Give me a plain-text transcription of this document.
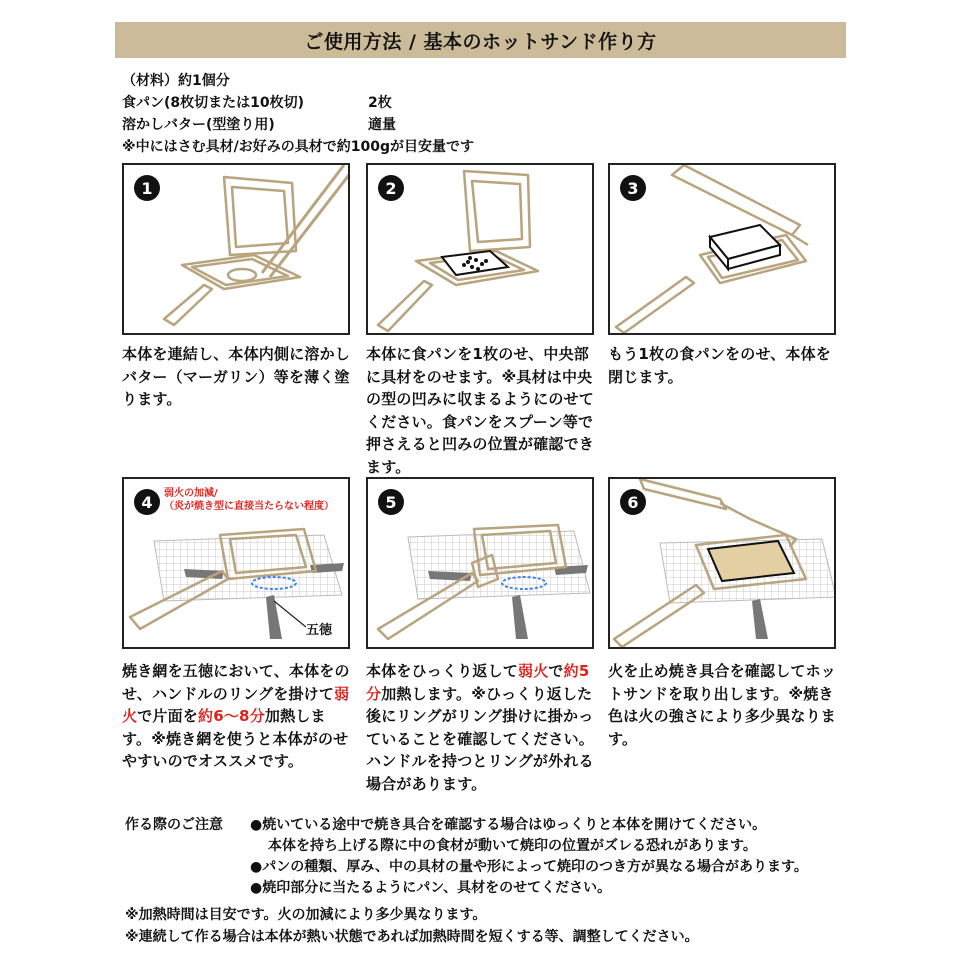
ご使用方法 / 基本のホットサンド作り方
（材料）約1個分
食パン(8枚切または10枚切)	2枚
溶かしバター(型塗り用)	適量
※中にはさむ具材/お好みの具材で約100gが目安量です
1
本体を連結し、本体内側に溶かしバター（マーガリン）等を薄く塗ります。
2
本体に食パンを1枚のせ、中央部に具材をのせます。※具材は中央の型の凹みに収まるようにのせてください。食パンをスプーン等で押さえると凹みの位置が確認できます。
3
もう1枚の食パンをのせ、本体を閉じます。
4	弱火の加減/
（炎が焼き型に直接当たらない程度）
五徳
焼き網を五徳において、本体をのせ、ハンドルのリングを掛けて弱火で片面を約6～8分加熱します。※焼き網を使うと本体がのせやすいのでオススメです。
5
本体をひっくり返して弱火で約5分加熱します。※ひっくり返した後にリングがリング掛けに掛かっていることを確認してください。ハンドルを持つとリングが外れる場合があります。
6
火を止め焼き具合を確認してホットサンドを取り出します。※焼き色は火の強さにより多少異なります。
作る際のご注意	●焼いている途中で焼き具合を確認する場合はゆっくりと本体を開けてください。
本体を持ち上げる際に中の食材が動いて焼印の位置がズレる恐れがあります。
●パンの種類、厚み、中の具材の量や形によって焼印のつき方が異なる場合があります。
●焼印部分に当たるようにパン、具材をのせてください。
※加熱時間は目安です。火の加減により多少異なります。
※連続して作る場合は本体が熱い状態であれば加熱時間を短くする等、調整してください。
